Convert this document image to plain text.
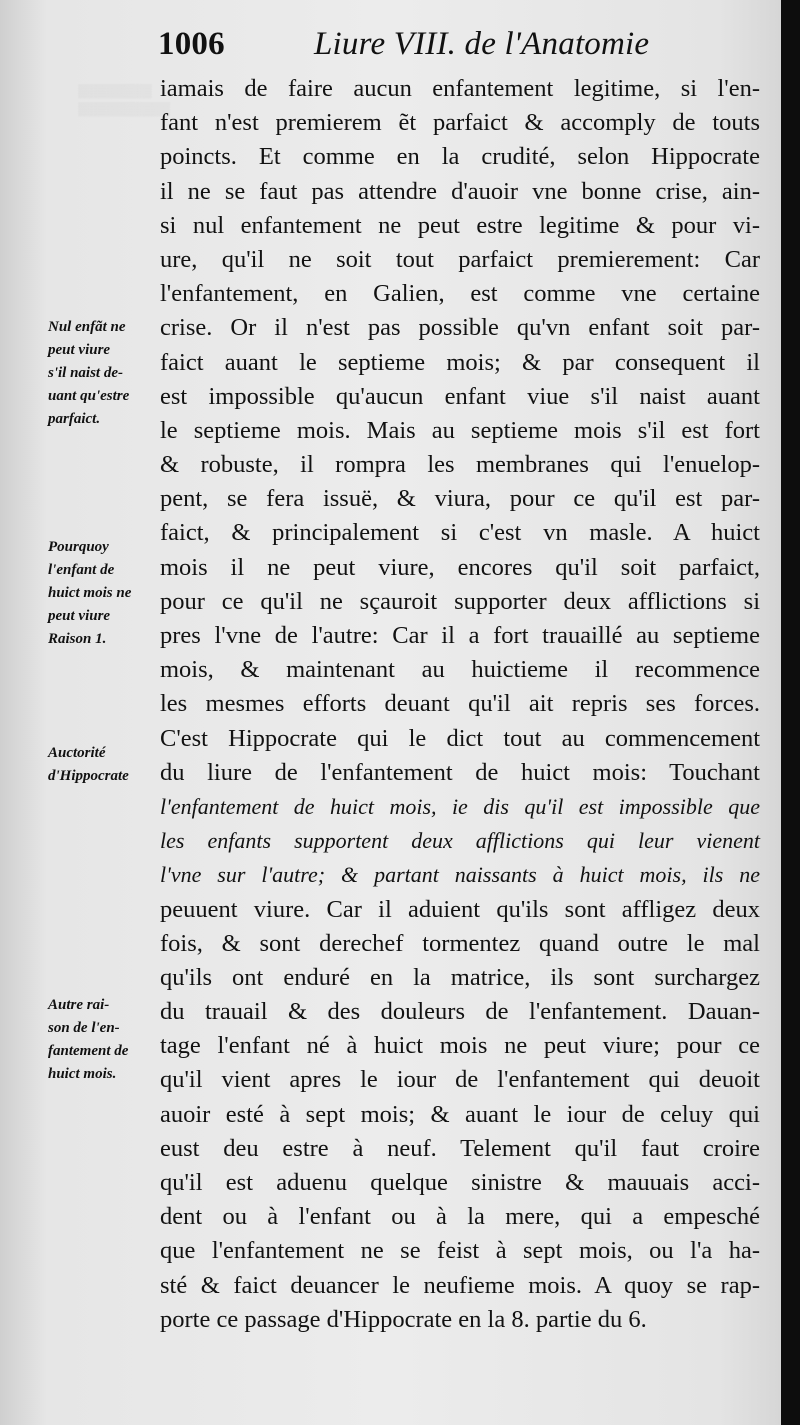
▒▒▒▒▒▒▒▒
▒▒▒▒▒▒▒▒▒▒
1006	Liure VIII. de l'Anatomie
iamais de faire aucun enfantement legitime, si l'en-
fant n'est premierem ẽt parfaict & accomply de touts
poincts. Et comme en la crudité, selon Hippocrate
il ne se faut pas attendre d'auoir vne bonne crise, ain-
si nul enfantement ne peut estre legitime & pour vi-
ure, qu'il ne soit tout parfaict premierement: Car
l'enfantement, en Galien, est comme vne certaine
crise. Or il n'est pas possible qu'vn enfant soit par-
faict auant le septieme mois; & par consequent il
est impossible qu'aucun enfant viue s'il naist auant
le septieme mois. Mais au septieme mois s'il est fort
& robuste, il rompra les membranes qui l'enuelop-
pent, se fera issuë, & viura, pour ce qu'il est par-
faict, & principalement si c'est vn masle. A huict
mois il ne peut viure, encores qu'il soit parfaict,
pour ce qu'il ne sçauroit supporter deux afflictions si
pres l'vne de l'autre: Car il a fort trauaillé au septieme
mois, & maintenant au huictieme il recommence
les mesmes efforts deuant qu'il ait repris ses forces.
C'est Hippocrate qui le dict tout au commencement
du liure de l'enfantement de huict mois: Touchant
l'enfantement de huict mois, ie dis qu'il est impossible que
les enfants supportent deux afflictions qui leur vienent
l'vne sur l'autre; & partant naissants à huict mois, ils ne
peuuent viure. Car il aduient qu'ils sont affligez deux
fois, & sont derechef tormentez quand outre le mal
qu'ils ont enduré en la matrice, ils sont surchargez
du trauail & des douleurs de l'enfantement. Dauan-
tage l'enfant né à huict mois ne peut viure; pour ce
qu'il vient apres le iour de l'enfantement qui deuoit
auoir esté à sept mois; & auant le iour de celuy qui
eust deu estre à neuf. Telement qu'il faut croire
qu'il est aduenu quelque sinistre & mauuais acci-
dent ou à l'enfant ou à la mere, qui a empesché
que l'enfantement ne se feist à sept mois, ou l'a ha-
sté & faict deuancer le neufieme mois. A quoy se rap-
porte ce passage d'Hippocrate en la 8. partie du 6.
Nul enfãt ne
peut viure
s'il naist de-
uant qu'estre
parfaict.
Pourquoy
l'enfant de
huict mois ne
peut viure
Raison 1.
Auctorité
d'Hippocrate
Autre rai-
son de l'en-
fantement de
huict mois.
